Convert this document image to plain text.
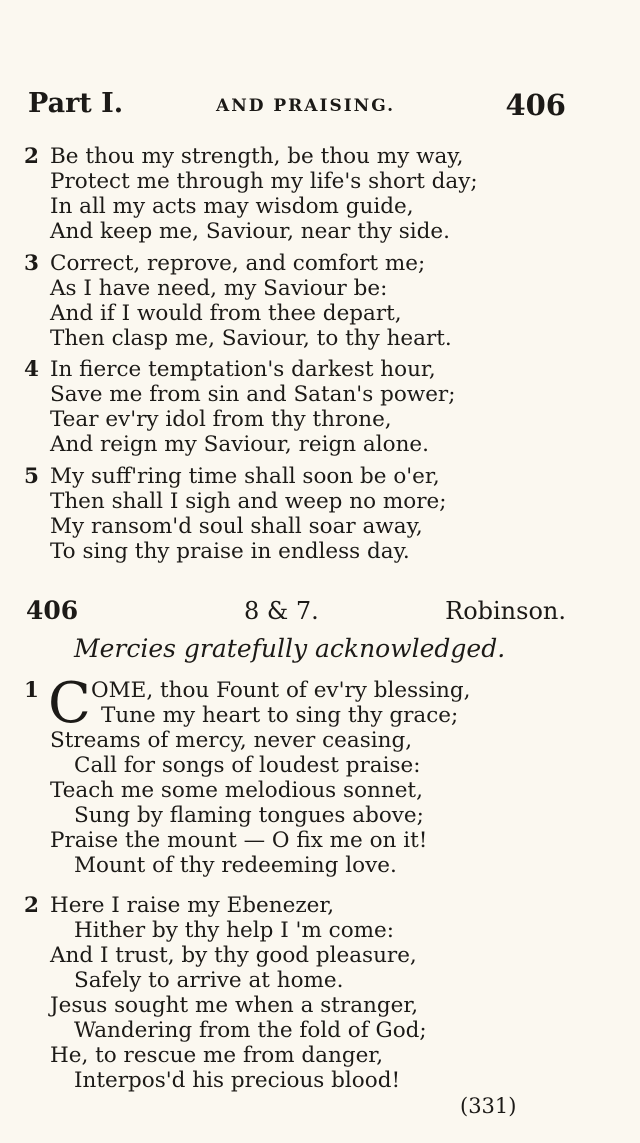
Part I.	AND PRAISING.	406
2 Be thou my strength, be thou my way,
Protect me through my life's short day;
In all my acts may wisdom guide,
And keep me, Saviour, near thy side.
3 Correct, reprove, and comfort me;
As I have need, my Saviour be:
And if I would from thee depart,
Then clasp me, Saviour, to thy heart.
4 In fierce temptation's darkest hour,
Save me from sin and Satan's power;
Tear ev'ry idol from thy throne,
And reign my Saviour, reign alone.
5 My suff'ring time shall soon be o'er,
Then shall I sigh and weep no more;
My ransom'd soul shall soar away,
To sing thy praise in endless day.
406	8 & 7.	Robinson.
Mercies gratefully acknowledged.
C
1 OME, thou Fount of ev'ry blessing,
Tune my heart to sing thy grace;
Streams of mercy, never ceasing,
Call for songs of loudest praise:
Teach me some melodious sonnet,
Sung by flaming tongues above;
Praise the mount — O fix me on it!
Mount of thy redeeming love.
2 Here I raise my Ebenezer,
Hither by thy help I 'm come:
And I trust, by thy good pleasure,
Safely to arrive at home.
Jesus sought me when a stranger,
Wandering from the fold of God;
He, to rescue me from danger,
Interpos'd his precious blood!
(331)
